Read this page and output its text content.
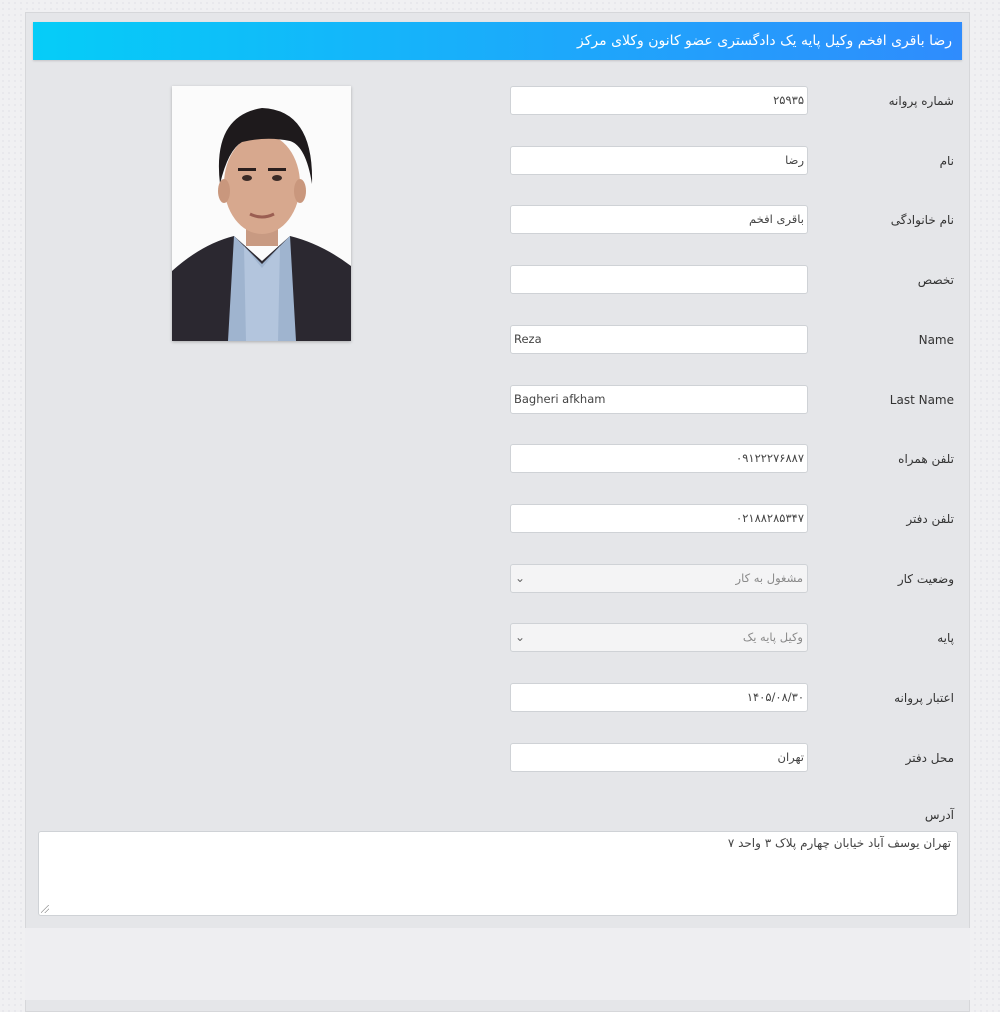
رضا باقری افخم وکیل پایه یک دادگستری عضو کانون وکلای مرکز
شماره پروانه
۲۵۹۳۵
نام
رضا
نام خانوادگی
باقری افخم
تخصص
Name
Reza
Last Name
Bagheri afkham
تلفن همراه
۰۹۱۲۲۲۷۶۸۸۷
تلفن دفتر
۰۲۱۸۸۲۸۵۳۴۷
وضعیت کار
⌄	مشغول به کار
پایه
⌄	وکیل پایه یک
اعتبار پروانه
۱۴۰۵/۰۸/۳۰
محل دفتر
تهران
آدرس
تهران یوسف آباد خیابان چهارم پلاک ۳ واحد ۷
